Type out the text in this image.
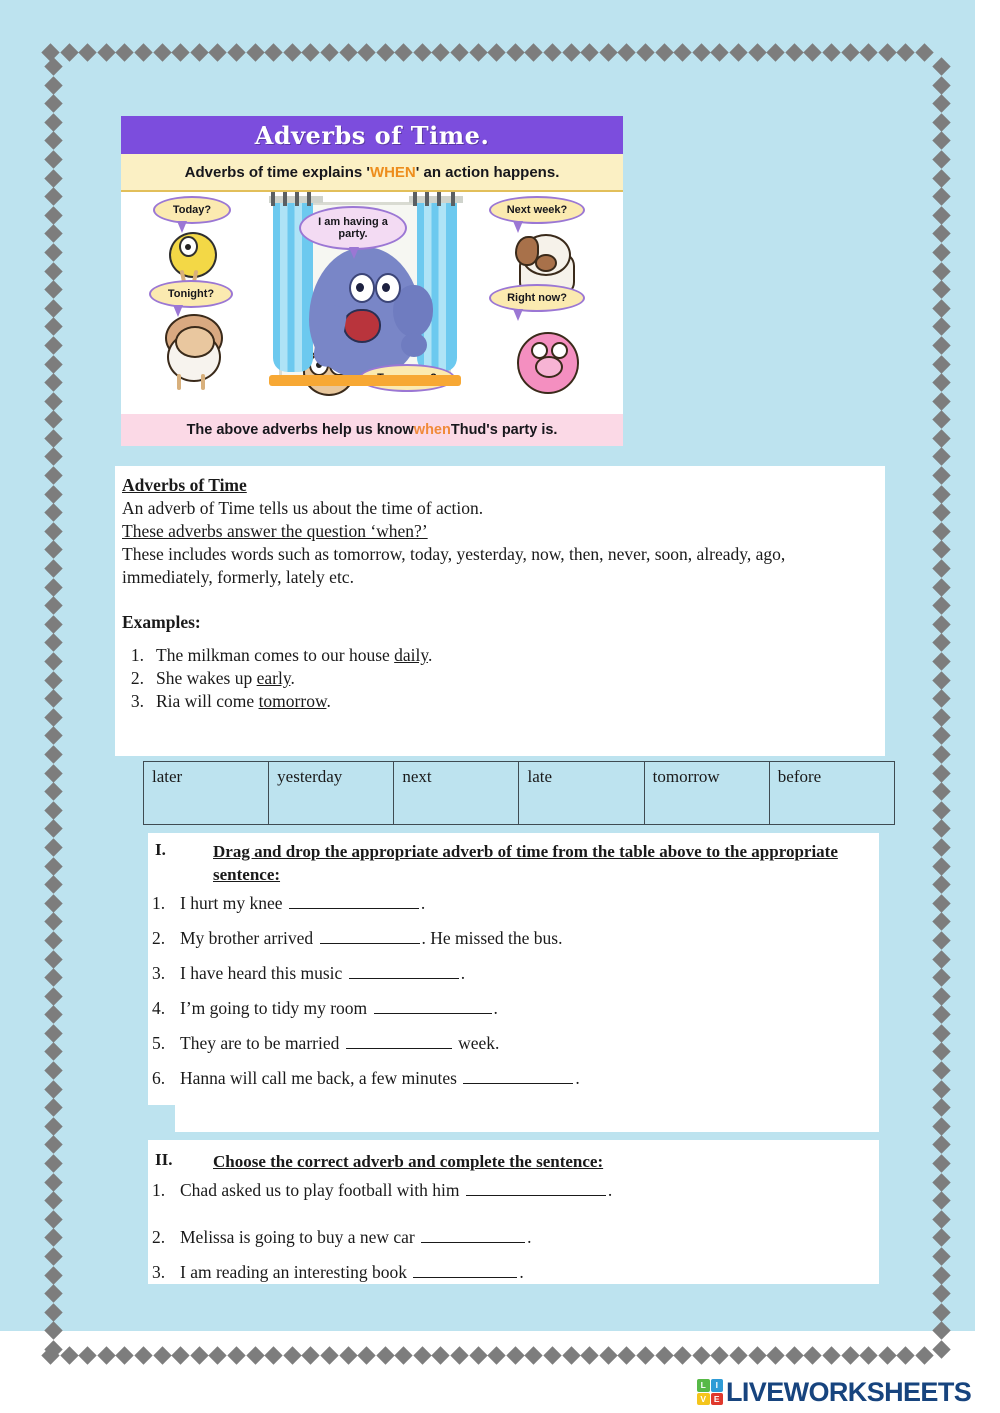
Adverbs of Time.
Adverbs of time explains ' WHEN ' an action happens.
Today?
Tonight?
I am having a party.
Next week?
Right now?
The above adverbs help us know when Thud's party is.
Adverbs of Time
An adverb of Time tells us about the time of action.
These adverbs answer the question ‘when?’
These includes words such as tomorrow, today, yesterday, now, then, never, soon, already, ago, immediately, formerly, lately etc.
Examples:
1. The milkman comes to our house daily.
2. She wakes up early.
3. Ria will come tomorrow.
later	yesterday	next	late	tomorrow	before
I.	Drag and drop the appropriate adverb of time from the table above to the appropriate sentence:
1. I hurt my knee	.
2. My brother arrived	. He missed the bus.
3. I have heard this music	.
4. I’m going to tidy my room	.
5. They are to be married	week.
6. Hanna will call me back, a few minutes	.
II.	Choose the correct adverb and complete the sentence:
1. Chad asked us to play football with him	.
2. Melissa is going to buy a new car	.
3. I am reading an interesting book	.
L	I
V E LIVEWORKSHEETS
